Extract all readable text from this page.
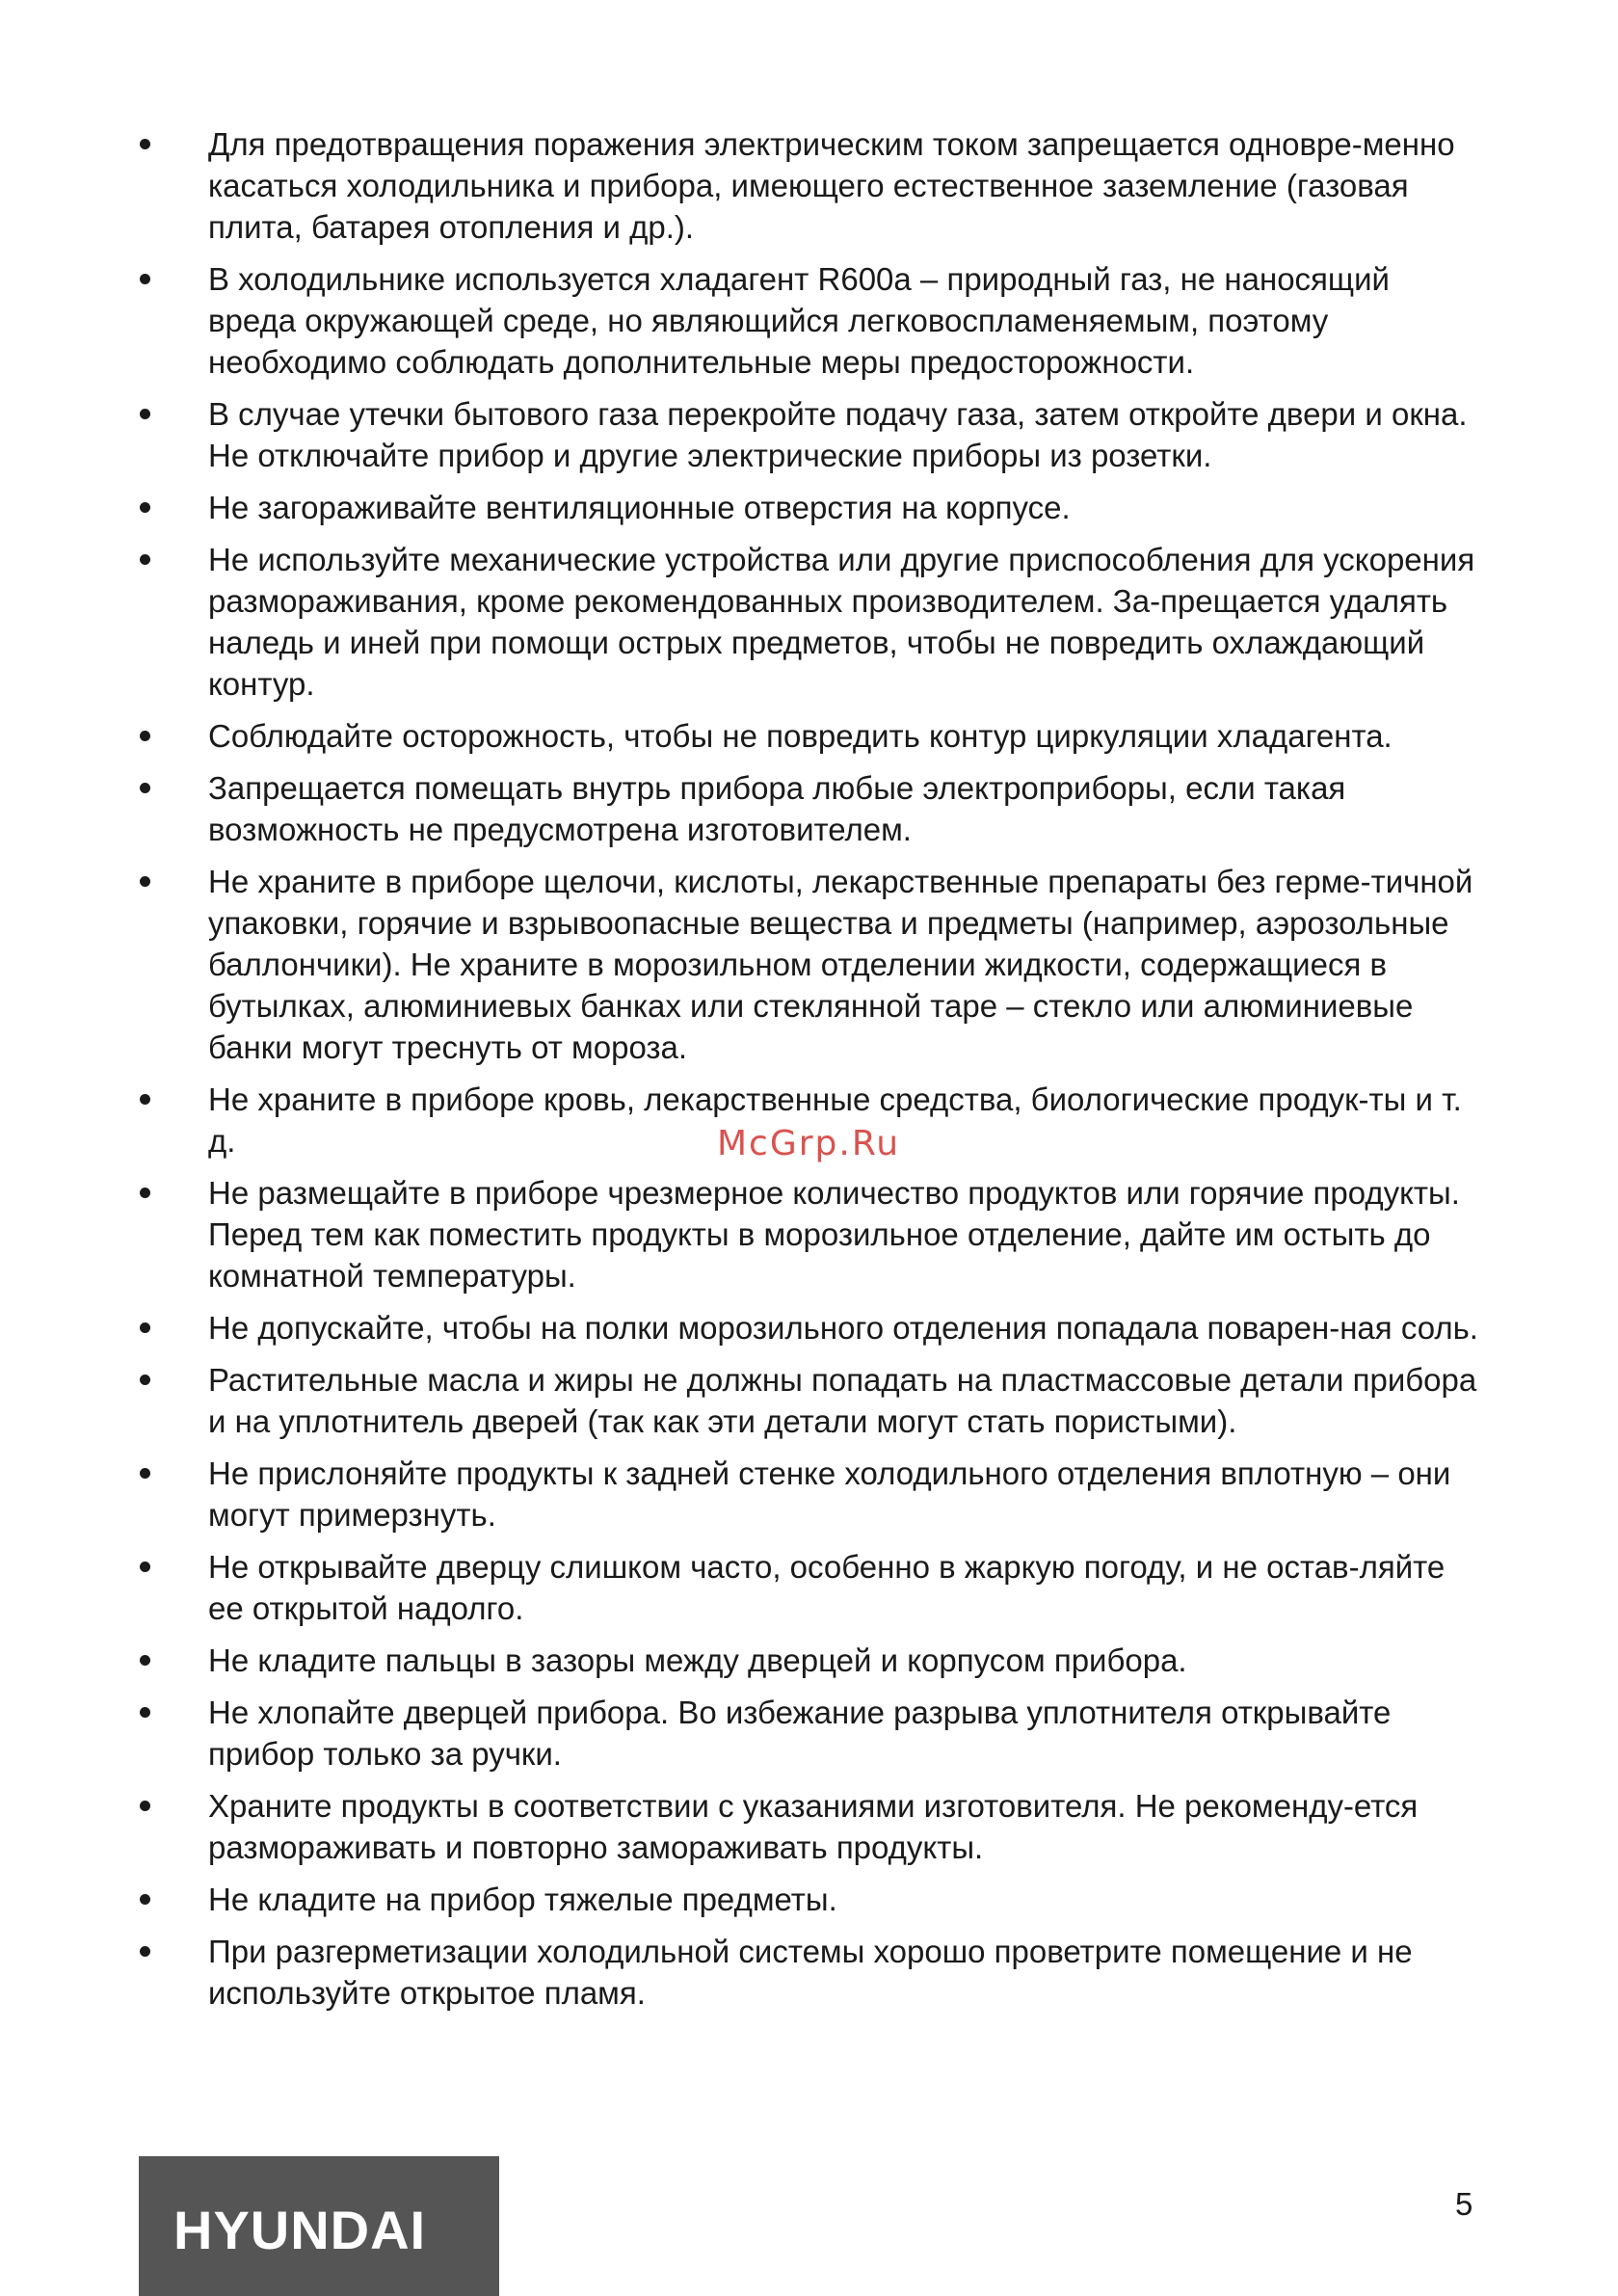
Для предотвращения поражения электрическим током запрещается одновре-менно касаться холодильника и прибора, имеющего естественное заземление (газовая плита, батарея отопления и др.).
В холодильнике используется хладагент R600a – природный газ, не наносящий вреда окружающей среде, но являющийся легковоспламеняемым, поэтому необходимо соблюдать дополнительные меры предосторожности.
В случае утечки бытового газа перекройте подачу газа, затем откройте двери и окна. Не отключайте прибор и другие электрические приборы из розетки.
Не загораживайте вентиляционные отверстия на корпусе.
Не используйте механические устройства или другие приспособления для ускорения размораживания, кроме рекомендованных производителем. За-прещается удалять наледь и иней при помощи острых предметов, чтобы не повредить охлаждающий контур.
Соблюдайте осторожность, чтобы не повредить контур циркуляции хладагента.
Запрещается помещать внутрь прибора любые электроприборы, если такая возможность не предусмотрена изготовителем.
Не храните в приборе щелочи, кислоты, лекарственные препараты без герме-тичной упаковки, горячие и взрывоопасные вещества и предметы (например, аэрозольные баллончики). Не храните в морозильном отделении жидкости, содержащиеся в бутылках, алюминиевых банках или стеклянной таре – стекло или алюминиевые банки могут треснуть от мороза.
Не храните в приборе кровь, лекарственные средства, биологические продук-ты и т. д.
Не размещайте в приборе чрезмерное количество продуктов или горячие продукты. Перед тем как поместить продукты в морозильное отделение, дайте им остыть до комнатной температуры.
Не допускайте, чтобы на полки морозильного отделения попадала поварен-ная соль.
Растительные масла и жиры не должны попадать на пластмассовые детали прибора и на уплотнитель дверей (так как эти детали могут стать пористыми).
Не прислоняйте продукты к задней стенке холодильного отделения вплотную – они могут примерзнуть.
Не открывайте дверцу слишком часто, особенно в жаркую погоду, и не остав-ляйте ее открытой надолго.
Не кладите пальцы в зазоры между дверцей и корпусом прибора.
Не хлопайте дверцей прибора. Во избежание разрыва уплотнителя открывайте прибор только за ручки.
Храните продукты в соответствии с указаниями изготовителя. Не рекоменду-ется размораживать и повторно замораживать продукты.
Не кладите на прибор тяжелые предметы.
При разгерметизации холодильной системы хорошо проветрите помещение и не используйте открытое пламя.
McGrp.Ru
HYUNDAI	5
